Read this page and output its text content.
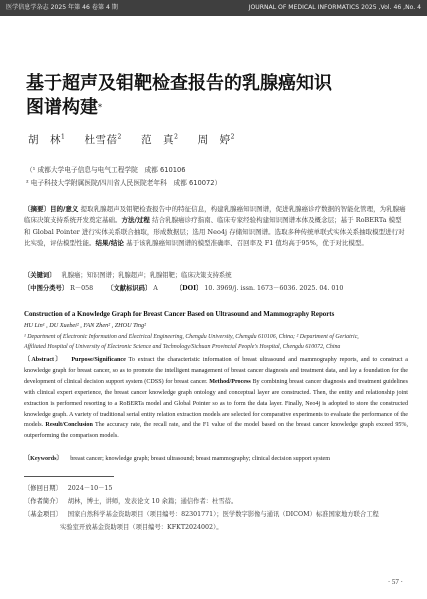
医学信息学杂志 2025 年第 46 卷第 4 期	JOURNAL OF MEDICAL INFORMATICS 2025 ,Vol. 46 ,No. 4
基于超声及钼靶检查报告的乳腺癌知识
图谱构建*
胡　林$^1$ 杜雪蓓$^2$ 范　真$^2$ 周　婷$^2$
（¹ 成都大学电子信息与电气工程学院　成都 610106
² 电子科技大学附属医院/四川省人民医院老年科　成都 610072）
〔摘要〕目的/意义 提取乳腺超声及钼靶检查报告中的特征信息，构建乳腺癌知识图谱，促进乳腺癌诊疗数据的智能化管理，为乳腺癌临床决策支持系统开发奠定基础。方法/过程 结合乳腺癌诊疗指南、临床专家经验构建知识图谱本体及概念层；基于 RoBERTa 模型和 Global Pointer 进行实体关系联合抽取，形成数据层；选用 Neo4j 存储知识图谱。选取多种传统单联式实体关系抽取模型进行对比实验，评估模型性能。结果/结论 基于该乳腺癌知识图谱的模型准确率、召回率及 F1 值均高于95%，优于对比模型。
〔关键词〕 乳腺癌；知识图谱；乳腺超声；乳腺钼靶；临床决策支持系统
〔中图分类号〕 R－058 〔文献标识码〕 A	〔DOI〕 10. 3969/j. issn. 1673－6036. 2025. 04. 010
Construction of a Knowledge Graph for Breast Cancer Based on Ultrasound and Mammography Reports
HU Lin¹ , DU Xuebei² , FAN Zhen² , ZHOU Ting²
¹ Department of Electronic Information and Electrical Engineering, Chengdu University, Chengdu 610106, China; ² Department of Geriatric,
Affiliated Hospital of University of Electronic Science and Technology/Sichuan Provincial People's Hospital, Chengdu 610072, China
〔Abstract〕 Purpose/Significance To extract the characteristic information of breast ultrasound and mammography reports, and to construct a knowledge graph for breast cancer, so as to promote the intelligent management of breast cancer diagnosis and treatment data, and lay a foundation for the development of clinical decision support system (CDSS) for breast cancer. Method/Process By combining breast cancer diagnosis and treatment guidelines with clinical expert experience, the breast cancer knowledge graph ontology and conceptual layer are constructed. Then, the entity and relationship joint extraction is performed resorting to a RoBERTa model and Global Pointer so as to form the data layer. Finally, Neo4j is adopted to store the constructed knowledge graph. A variety of traditional serial entity relation extraction models are selected for comparative experiments to evaluate the performance of the models. Result/Conclusion The accuracy rate, the recall rate, and the F1 value of the model based on the breast cancer knowledge graph exceed 95%, outperforming the comparison models.
〔Keywords〕 breast cancer; knowledge graph; breast ultrasound; breast mammography; clinical decision support system
〔修回日期〕 2024－10－15
〔作者简介〕 胡林，博士，讲师，发表论文 10 余篇；通信作者：杜雪蓓。
〔基金项目〕 国家自然科学基金资助项目（项目编号：82301771）；医学数字影像与通讯（DICOM）标准国家地方联合工程
实验室开放基金资助项目（项目编号：KFKT2024002）。
· 57 ·
